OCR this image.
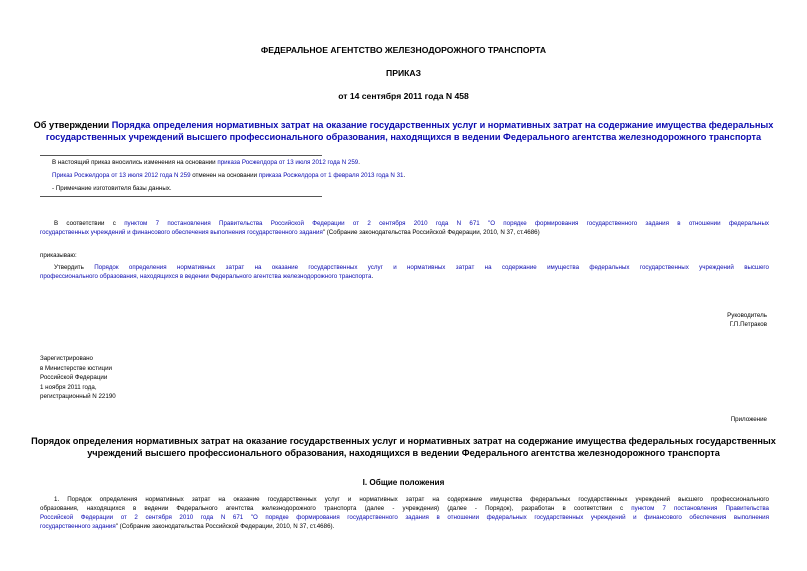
ФЕДЕРАЛЬНОЕ АГЕНТСТВО ЖЕЛЕЗНОДОРОЖНОГО ТРАНСПОРТА
ПРИКАЗ
от 14 сентября 2011 года N 458
Об утверждении Порядка определения нормативных затрат на оказание государственных услуг и нормативных затрат на содержание имущества федеральных
государственных учреждений высшего профессионального образования, находящихся в ведении Федерального агентства железнодорожного транспорта
В настоящий приказ вносились изменения на основании приказа Росжелдора от 13 июля 2012 года N 259.
Приказ Росжелдора от 13 июля 2012 года N 259 отменен на основании приказа Росжелдора от 1 февраля 2013 года N 31.
- Примечание изготовителя базы данных.
В соответствии с пунктом 7 постановления Правительства Российской Федерации от 2 сентября 2010 года N 671 "О порядке формирования государственного задания в отношении федеральных
государственных учреждений и финансового обеспечения выполнения государственного задания" (Собрание законодательства Российской Федерации, 2010, N 37, ст.4686)
приказываю:
Утвердить Порядок определения нормативных затрат на оказание государственных услуг и нормативных затрат на содержание имущества федеральных государственных учреждений высшего
профессионального образования, находящихся в ведении Федерального агентства железнодорожного транспорта.
Руководитель
Г.П.Петраков
Зарегистрировано
в Министерстве юстиции
Российской Федерации
1 ноября 2011 года,
регистрационный N 22190
Приложение
Порядок определения нормативных затрат на оказание государственных услуг и нормативных затрат на содержание имущества федеральных государственных
учреждений высшего профессионального образования, находящихся в ведении Федерального агентства железнодорожного транспорта
I. Общие положения
1. Порядок определения нормативных затрат на оказание государственных услуг и нормативных затрат на содержание имущества федеральных государственных учреждений высшего профессионального
образования, находящихся в ведении Федерального агентства железнодорожного транспорта (далее - учреждения) (далее - Порядок), разработан в соответствии с пунктом 7 постановления Правительства
Российской Федерации от 2 сентября 2010 года N 671 "О порядке формирования государственного задания в отношении федеральных государственных учреждений и финансового обеспечения выполнения
государственного задания" (Собрание законодательства Российской Федерации, 2010, N 37, ст.4686).
